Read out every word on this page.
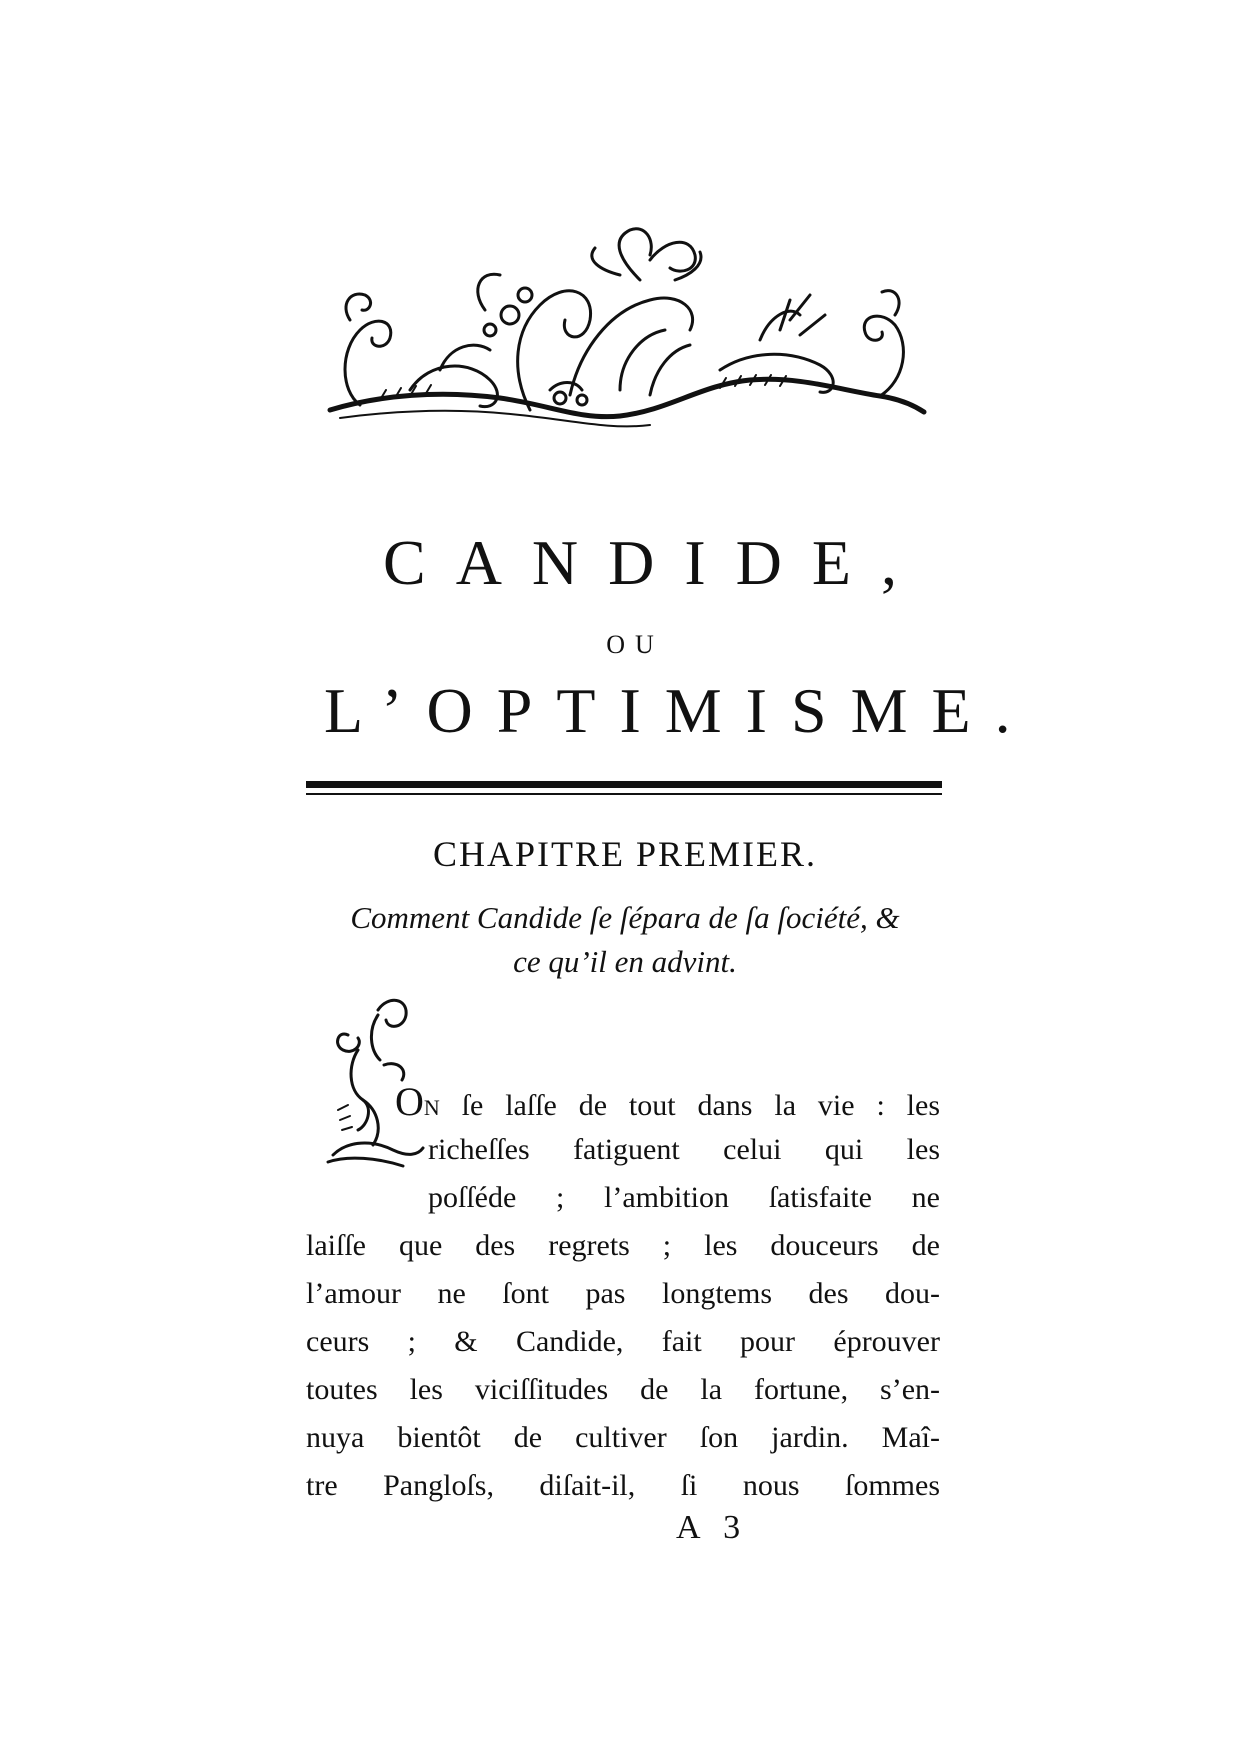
CANDIDE,
OU
L’OPTIMISME.
CHAPITRE PREMIER.
Comment Candide ſe ſépara de ſa ſociété, &
ce qu’il en advint.
ON ſe laſſe de tout dans la vie : les
richeſſes fatiguent celui qui les
poſſéde ; l’ambition ſatisfaite ne
laiſſe que des regrets ; les douceurs de
l’amour ne ſont pas longtems des dou-
ceurs ; & Candide, fait pour éprouver
toutes les viciſſitudes de la fortune, s’en-
nuya bientôt de cultiver ſon jardin. Maî-
tre Pangloſs, diſait-il, ſi nous ſommes
A 3
